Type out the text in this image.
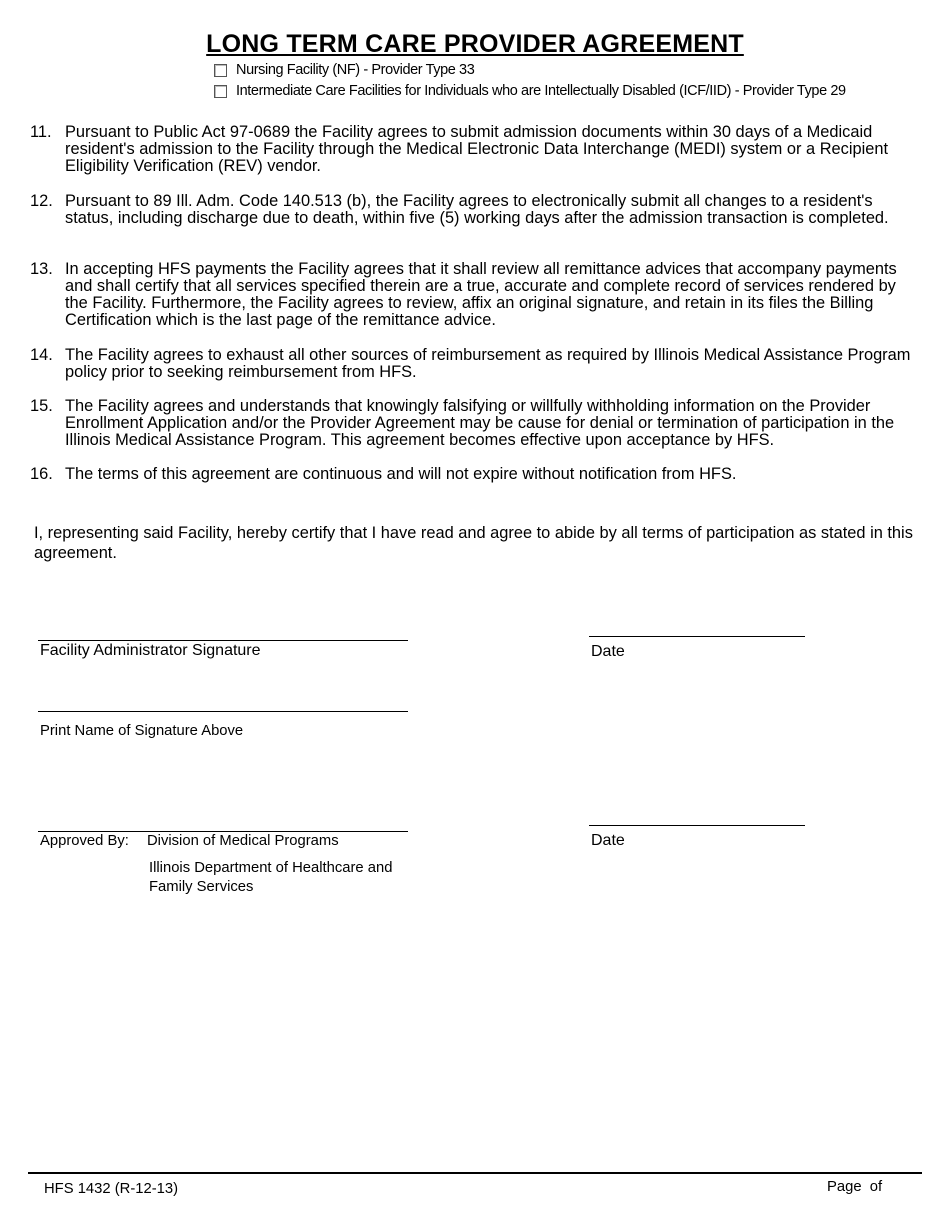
LONG TERM CARE PROVIDER AGREEMENT
Nursing Facility (NF) - Provider Type 33
Intermediate Care Facilities for Individuals who are Intellectually Disabled (ICF/IID) - Provider Type 29
11. Pursuant to Public Act 97-0689 the Facility agrees to submit admission documents within 30 days of a Medicaid resident's admission to the Facility through the Medical Electronic Data Interchange (MEDI) system or a Recipient Eligibility Verification (REV) vendor.
12. Pursuant to 89 Ill. Adm. Code 140.513 (b), the Facility agrees to electronically submit all changes to a resident's status, including discharge due to death, within five (5) working days after the admission transaction is completed.
13. In accepting HFS payments the Facility agrees that it shall review all remittance advices that accompany payments and shall certify that all services specified therein are a true, accurate and complete record of services rendered by the Facility. Furthermore, the Facility agrees to review, affix an original signature, and retain in its files the Billing Certification which is the last page of the remittance advice.
14. The Facility agrees to exhaust all other sources of reimbursement as required by Illinois Medical Assistance Program policy prior to seeking reimbursement from HFS.
15. The Facility agrees and understands that knowingly falsifying or willfully withholding information on the Provider Enrollment Application and/or the Provider Agreement may be cause for denial or termination of participation in the Illinois Medical Assistance Program. This agreement becomes effective upon acceptance by HFS.
16. The terms of this agreement are continuous and will not expire without notification from HFS.
I, representing said Facility, hereby certify that I have read and agree to abide by all terms of participation as stated in this agreement.
Facility Administrator Signature	Date
Print Name of Signature Above
Approved By: Division of Medical Programs
Illinois Department of Healthcare and
Family Services
Date
HFS 1432 (R-12-13)	Page  of
